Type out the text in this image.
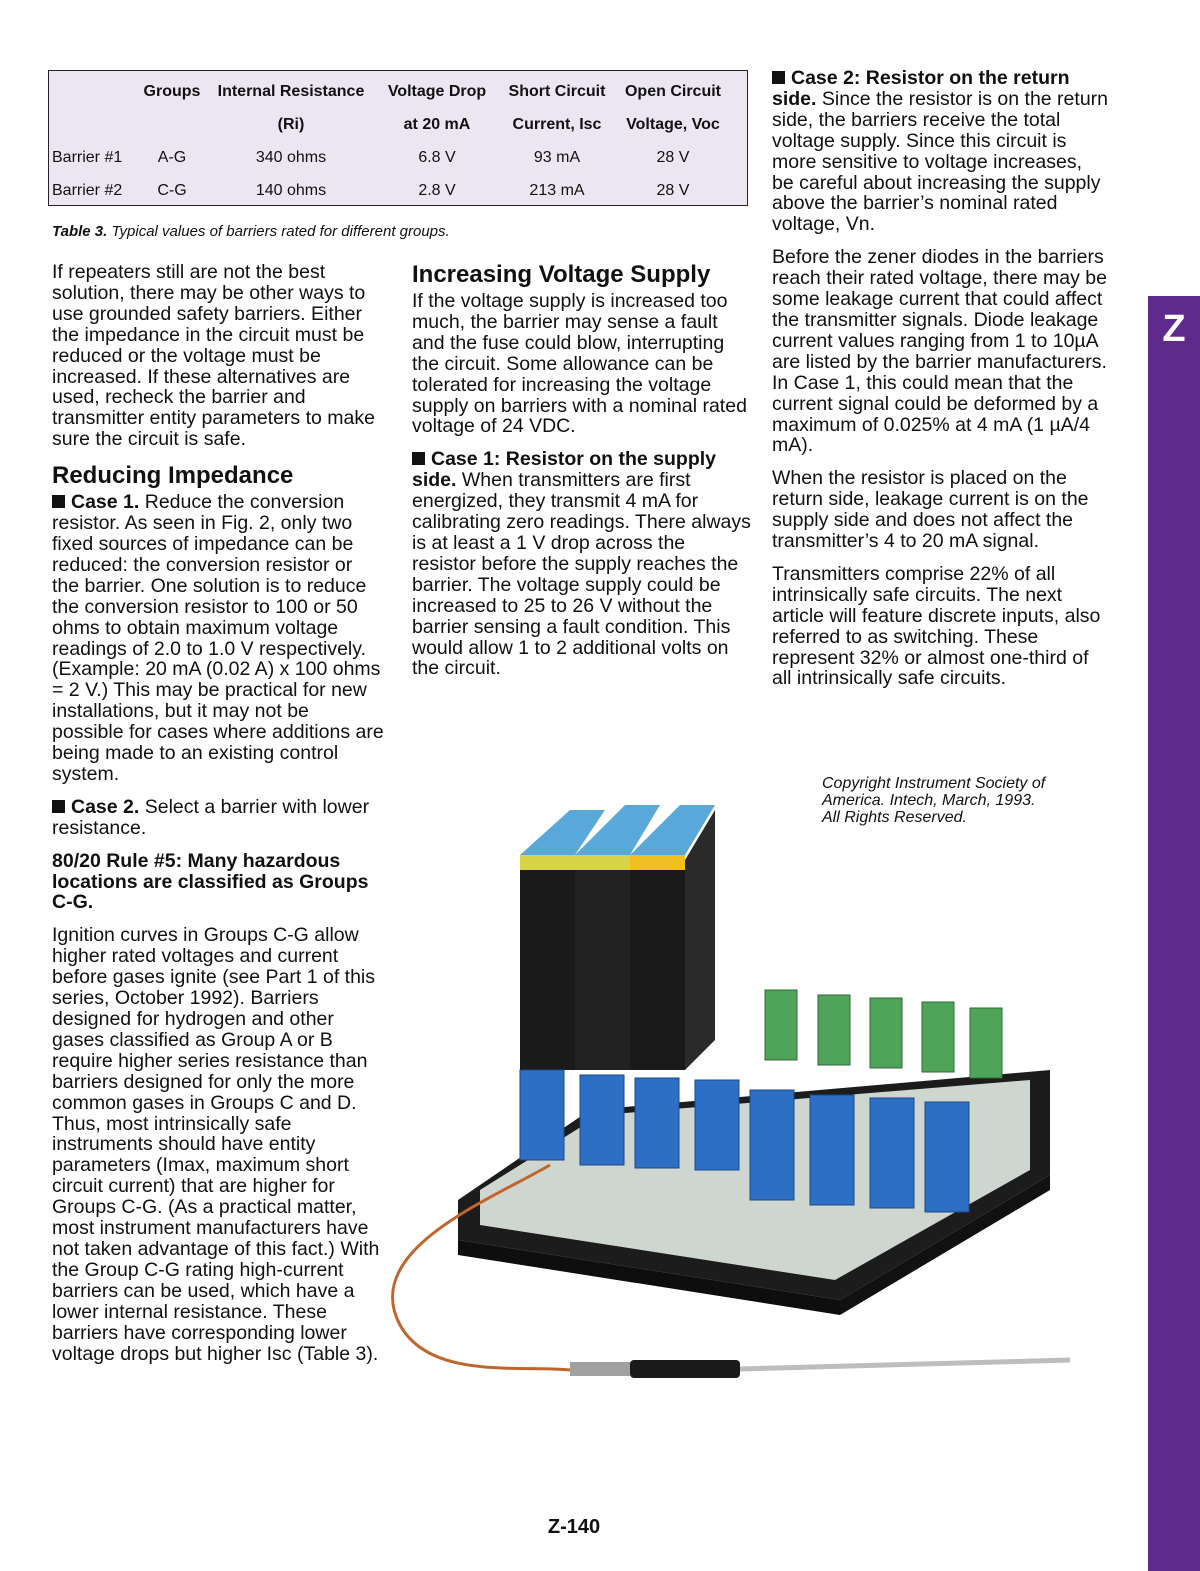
	Groups	Internal Resistance	Voltage Drop	Short Circuit	Open Circuit
		(Ri)	at 20 mA	Current, Isc	Voltage, Voc
Barrier #1	A-G	340 ohms	6.8 V	93 mA	28 V
Barrier #2	C-G	140 ohms	2.8 V	213 mA	28 V
Table 3. Typical values of barriers rated for different groups.

If repeaters still are not the best solution, there may be other ways to use grounded safety barriers. Either the impedance in the circuit must be reduced or the voltage must be increased. If these alternatives are used, recheck the barrier and transmitter entity parameters to make sure the circuit is safe.

Reducing Impedance

Case 1. Reduce the conversion resistor. As seen in Fig. 2, only two fixed sources of impedance can be reduced: the conversion resistor or the barrier. One solution is to reduce the conversion resistor to 100 or 50 ohms to obtain maximum voltage readings of 2.0 to 1.0 V respectively. (Example: 20 mA (0.02 A) x 100 ohms = 2 V.) This may be practical for new installations, but it may not be possible for cases where additions are being made to an existing control system.

Case 2. Select a barrier with lower resistance.

80/20 Rule #5: Many hazardous locations are classified as Groups C-G.

Ignition curves in Groups C-G allow higher rated voltages and current before gases ignite (see Part 1 of this series, October 1992). Barriers designed for hydrogen and other gases classified as Group A or B require higher series resistance than barriers designed for only the more common gases in Groups C and D. Thus, most intrinsically safe instruments should have entity parameters (Imax, maximum short circuit current) that are higher for Groups C-G. (As a practical matter, most instrument manufacturers have not taken advantage of this fact.) With the Group C-G rating high-current barriers can be used, which have a lower internal resistance. These barriers have corresponding lower voltage drops but higher Isc (Table 3).

Increasing Voltage Supply

If the voltage supply is increased too much, the barrier may sense a fault and the fuse could blow, interrupting the circuit. Some allowance can be tolerated for increasing the voltage supply on barriers with a nominal rated voltage of 24 VDC.

Case 1: Resistor on the supply side. When transmitters are first energized, they transmit 4 mA for calibrating zero readings. There always is at least a 1 V drop across the resistor before the supply reaches the barrier. The voltage supply could be increased to 25 to 26 V without the barrier sensing a fault condition. This would allow 1 to 2 additional volts on the circuit.

Case 2: Resistor on the return side. Since the resistor is on the return side, the barriers receive the total voltage supply. Since this circuit is more sensitive to voltage increases, be careful about increasing the supply above the barrier’s nominal rated voltage, Vn.

Before the zener diodes in the barriers reach their rated voltage, there may be some leakage current that could affect the transmitter signals. Diode leakage current values ranging from 1 to 10µA are listed by the barrier manufacturers. In Case 1, this could mean that the current signal could be deformed by a maximum of 0.025% at 4 mA (1 µA/4 mA).

When the resistor is placed on the return side, leakage current is on the supply side and does not affect the transmitter’s 4 to 20 mA signal.

Transmitters comprise 22% of all intrinsically safe circuits. The next article will feature discrete inputs, also referred to as switching. These represent 32% or almost one-third of all intrinsically safe circuits.

Copyright Instrument Society of
America. Intech, March, 1993.
All Rights Reserved.
Z
Z-140
